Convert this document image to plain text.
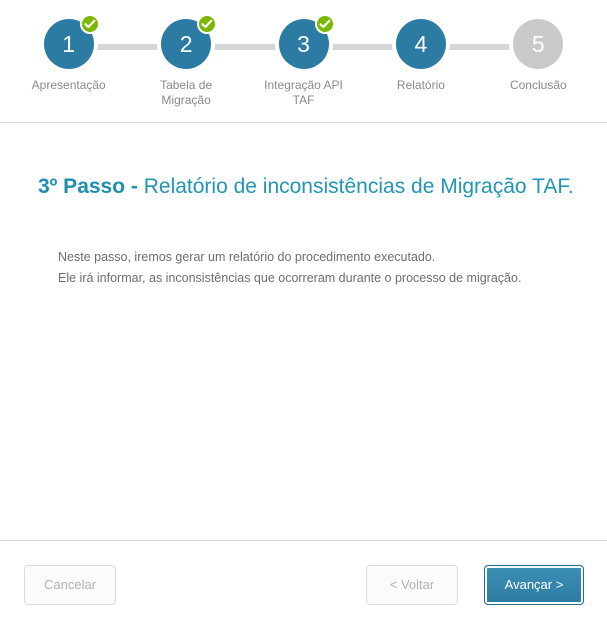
1
Apresentação
2
Tabela de Migração
3
Integração API TAF
4
Relatório
5
Conclusão
3º Passo - Relatório de inconsistências de Migração TAF.

Neste passo, iremos gerar um relatório do procedimento executado.

Ele irá informar, as inconsistências que ocorreram durante o processo de migração.

Cancelar	< Voltar	Avançar >
